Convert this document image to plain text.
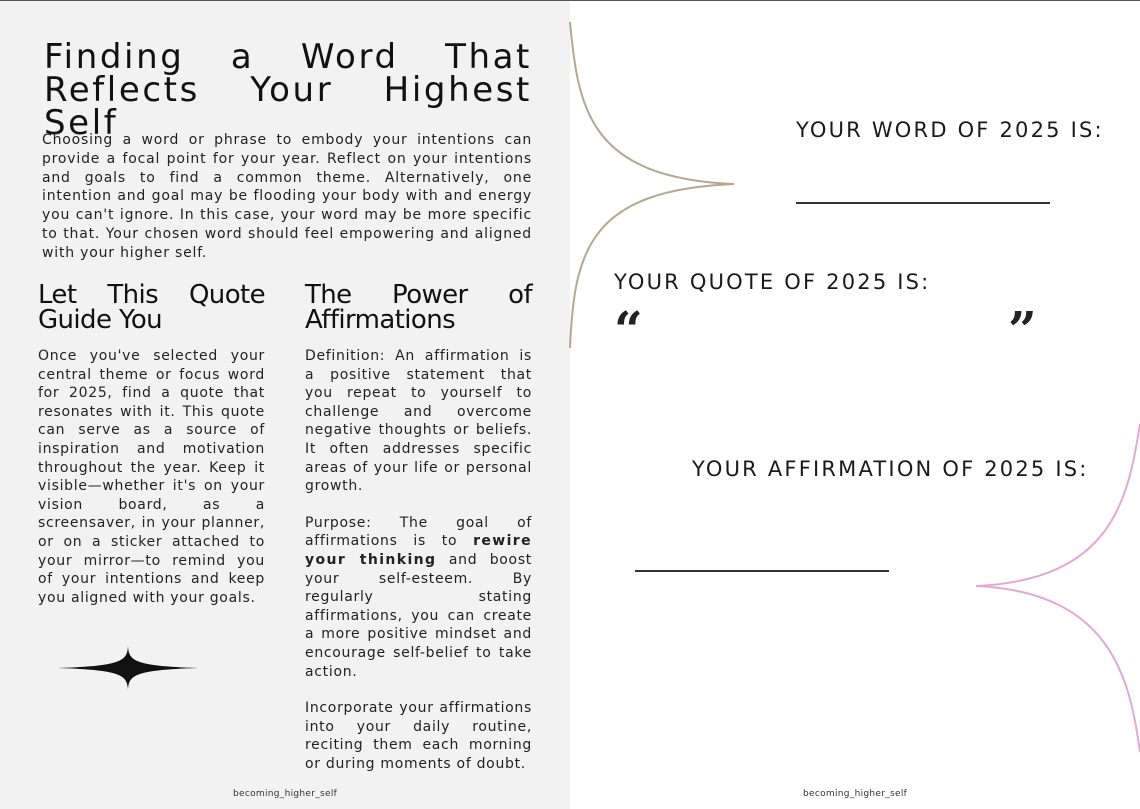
Finding a Word That Reflects Your Highest Self

Choosing a word or phrase to embody your intentions can provide a focal point for your year. Reflect on your intentions and goals to find a common theme. Alternatively, one intention and goal may be flooding your body with and energy you can't ignore. In this case, your word may be more specific to that. Your chosen word should feel empowering and aligned with your higher self.

Let This Quote Guide You

Once you've selected your central theme or focus word for 2025, find a quote that resonates with it. This quote can serve as a source of inspiration and motivation throughout the year. Keep it visible—whether it's on your vision board, as a screensaver, in your planner, or on a sticker attached to your mirror—to remind you of your intentions and keep you aligned with your goals.

The Power of Affirmations
Definition: An affirmation is a positive statement that you repeat to yourself to challenge and overcome negative thoughts or beliefs. It often addresses specific areas of your life or personal growth.
Purpose: The goal of affirmations is to rewire your thinking and boost your self-esteem. By regularly stating affirmations, you can create a more positive mindset and encourage self-belief to take action.
Incorporate your affirmations into your daily routine, reciting them each morning or during moments of doubt.
becoming_higher_self	becoming_higher_self

YOUR WORD OF 2025 IS:

YOUR QUOTE OF 2025 IS:

“	”

YOUR AFFIRMATION OF 2025 IS:
